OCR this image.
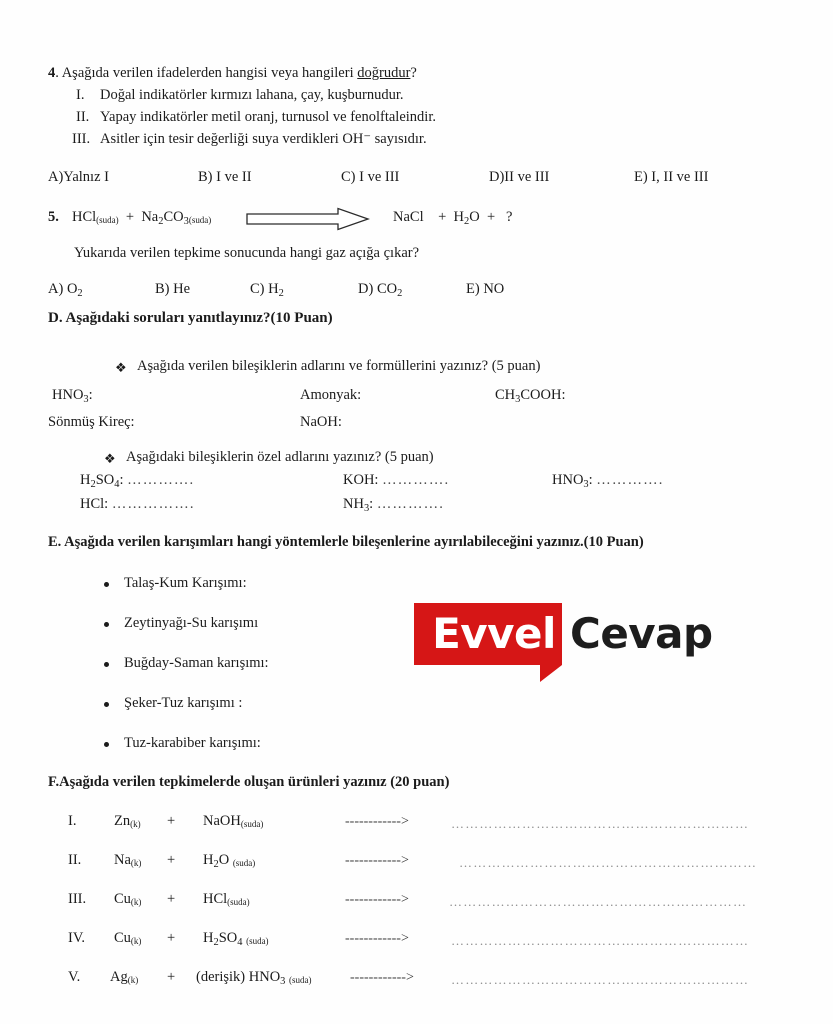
4. Aşağıda verilen ifadelerden hangisi veya hangileri doğrudur?
I. Doğal indikatörler kırmızı lahana, çay, kuşburnudur.
II. Yapay indikatörler metil oranj, turnusol ve fenolftaleindir.
III. Asitler için tesir değerliği suya verdikleri OH⁻ sayısıdır.
A)Yalnız I	B) I ve II	C) I ve III	D)II ve III	E) I, II ve III
5. HCl(suda) + $Na_2CO_3(suda)$	NaCl + $H_2O$ + ?
Yukarıda verilen tepkime sonucunda hangi gaz açığa çıkar?
A) $O_2$	B) He	C) $H_2$	D) $CO_2$	E) NO
D. Aşağıdaki soruları yanıtlayınız?(10 Puan)
❖ Aşağıda verilen bileşiklerin adlarını ve formüllerini yazınız? (5 puan)
$HNO_3$:	Amonyak:	$CH_3COOH$:
Sönmüş Kireç:	NaOH:
❖ Aşağıdaki bileşiklerin özel adlarını yazınız? (5 puan)
$H_2SO_4$: ………….	KOH: ………….	$HNO_3$: ………….
HCl: …………….	$NH_3$: ………….
E. Aşağıda verilen karışımları hangi yöntemlerle bileşenlerine ayırılabileceğini yazınız.(10 Puan)
Talaş-Kum Karışımı:
Zeytinyağı-Su karışımı
Buğday-Saman karışımı:
Şeker-Tuz karışımı :
Tuz-karabiber karışımı:
Evvel Cevap
F.Aşağıda verilen tepkimelerde oluşan ürünleri yazınız (20 puan)
I.	Zn(k) + NaOH(suda)	------------>	………………………………………………………
II. $Na(k) + H_2O$ (suda)	------------>	………………………………………………………
III. Cu(k) + HCl(suda)	------------>	………………………………………………………
IV. $Cu(k) + H_2SO_4$ (suda)	------------>	………………………………………………………
V. Ag(k) + (derişik) $HNO_3$ (suda)	------------>	………………………………………………………
